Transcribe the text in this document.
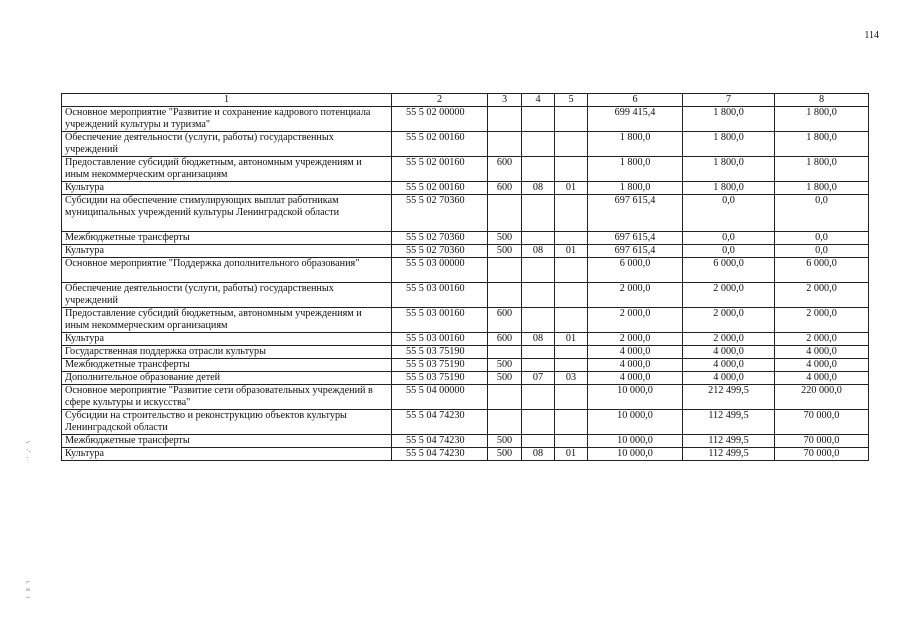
114
1	2	3	4	5	6	7	8
Основное мероприятие "Развитие и сохранение кадрового потенциала учреждений культуры и туризма"	55 5 02 00000				699 415,4	1 800,0	1 800,0
Обеспечение деятельности (услуги, работы) государственных учреждений	55 5 02 00160				1 800,0	1 800,0	1 800,0
Предоставление субсидий бюджетным, автономным учреждениям и иным некоммерческим организациям	55 5 02 00160	600			1 800,0	1 800,0	1 800,0
Культура	55 5 02 00160	600	08	01	1 800,0	1 800,0	1 800,0
Субсидии на обеспечение стимулирующих выплат работникам муниципальных учреждений культуры Ленинградской области	55 5 02 70360				697 615,4	0,0	0,0
Межбюджетные трансферты	55 5 02 70360	500			697 615,4	0,0	0,0
Культура	55 5 02 70360	500	08	01	697 615,4	0,0	0,0
Основное мероприятие "Поддержка дополнительного образования"	55 5 03 00000				6 000,0	6 000,0	6 000,0
Обеспечение деятельности (услуги, работы) государственных учреждений	55 5 03 00160				2 000,0	2 000,0	2 000,0
Предоставление субсидий бюджетным, автономным учреждениям и иным некоммерческим организациям	55 5 03 00160	600			2 000,0	2 000,0	2 000,0
Культура	55 5 03 00160	600	08	01	2 000,0	2 000,0	2 000,0
Государственная поддержка отрасли культуры	55 5 03 75190				4 000,0	4 000,0	4 000,0
Межбюджетные трансферты	55 5 03 75190	500			4 000,0	4 000,0	4 000,0
Дополнительное образование детей	55 5 03 75190	500	07	03	4 000,0	4 000,0	4 000,0
Основное мероприятие "Развитие сети образовательных учреждений в сфере культуры и искусства"	55 5 04 00000				10 000,0	212 499,5	220 000,0
Субсидии на строительство и реконструкцию объектов культуры Ленинградской области	55 5 04 74230				10 000,0	112 499,5	70 000,0
Межбюджетные трансферты	55 5 04 74230	500			10 000,0	112 499,5	70 000,0
Культура	55 5 04 74230	500	08	01	10 000,0	112 499,5	70 000,0
-·
·.
·
⌐
≈
~
